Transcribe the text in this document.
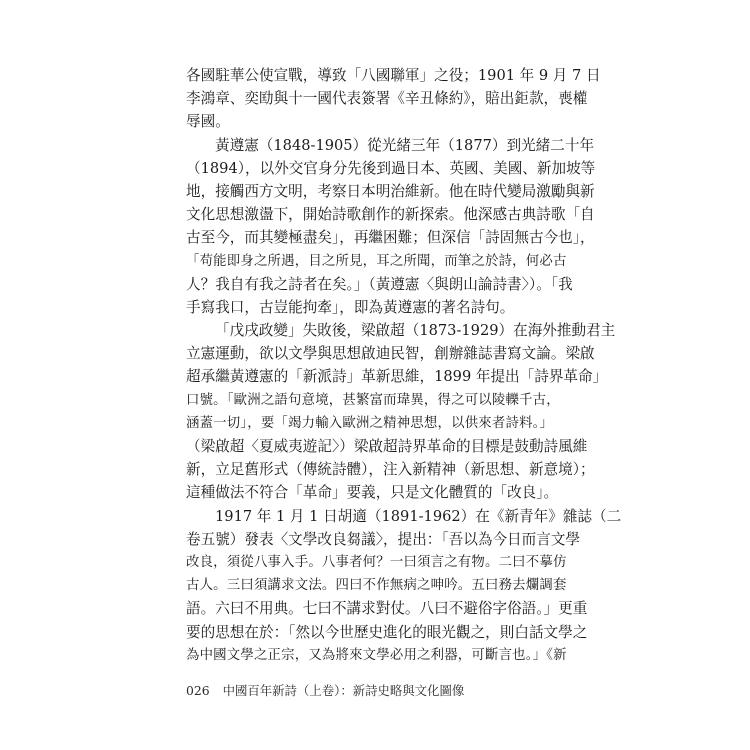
各國駐華公使宣戰，導致「八國聯軍」之役；1901 年 9 月 7 日
李鴻章、奕劻與十一國代表簽署《辛丑條約》，賠出鉅款，喪權
辱國。

黃遵憲（1848-1905）從光緒三年（1877）到光緒二十年
（1894），以外交官身分先後到過日本、英國、美國、新加坡等
地，接觸西方文明，考察日本明治維新。他在時代變局激勵與新
文化思想激盪下，開始詩歌創作的新探索。他深感古典詩歌「自
古至今，而其變極盡矣」，再繼困難；但深信「詩固無古今也」，
「苟能即身之所遇，目之所見，耳之所聞，而筆之於詩，何必古
人？我自有我之詩者在矣。」（黃遵憲〈與朗山論詩書〉）。「我
手寫我口，古豈能拘牽」，即為黃遵憲的著名詩句。

「戊戌政變」失敗後，梁啟超（1873-1929）在海外推動君主
立憲運動，欲以文學與思想啟迪民智，創辦雜誌書寫文論。梁啟
超承繼黃遵憲的「新派詩」革新思維，1899 年提出「詩界革命」
口號。「歐洲之語句意境，甚繁富而瑋異，得之可以陵轢千古，
涵蓋一切」，要「竭力輸入歐洲之精神思想，以供來者詩料。」
（梁啟超〈夏威夷遊記〉）梁啟超詩界革命的目標是鼓動詩風維
新，立足舊形式（傳統詩體），注入新精神（新思想、新意境）；
這種做法不符合「革命」要義，只是文化體質的「改良」。

1917 年 1 月 1 日胡適（1891-1962）在《新青年》雜誌（二
卷五號）發表〈文學改良芻議〉，提出：「吾以為今日而言文學
改良，須從八事入手。八事者何？一曰須言之有物。二曰不摹仿
古人。三曰須講求文法。四曰不作無病之呻吟。五曰務去爛調套
語。六曰不用典。七曰不講求對仗。八曰不避俗字俗語。」更重
要的思想在於：「然以今世歷史進化的眼光觀之，則白話文學之
為中國文學之正宗，又為將來文學必用之利器，可斷言也。」《新

026 中國百年新詩（上卷）：新詩史略與文化圖像
